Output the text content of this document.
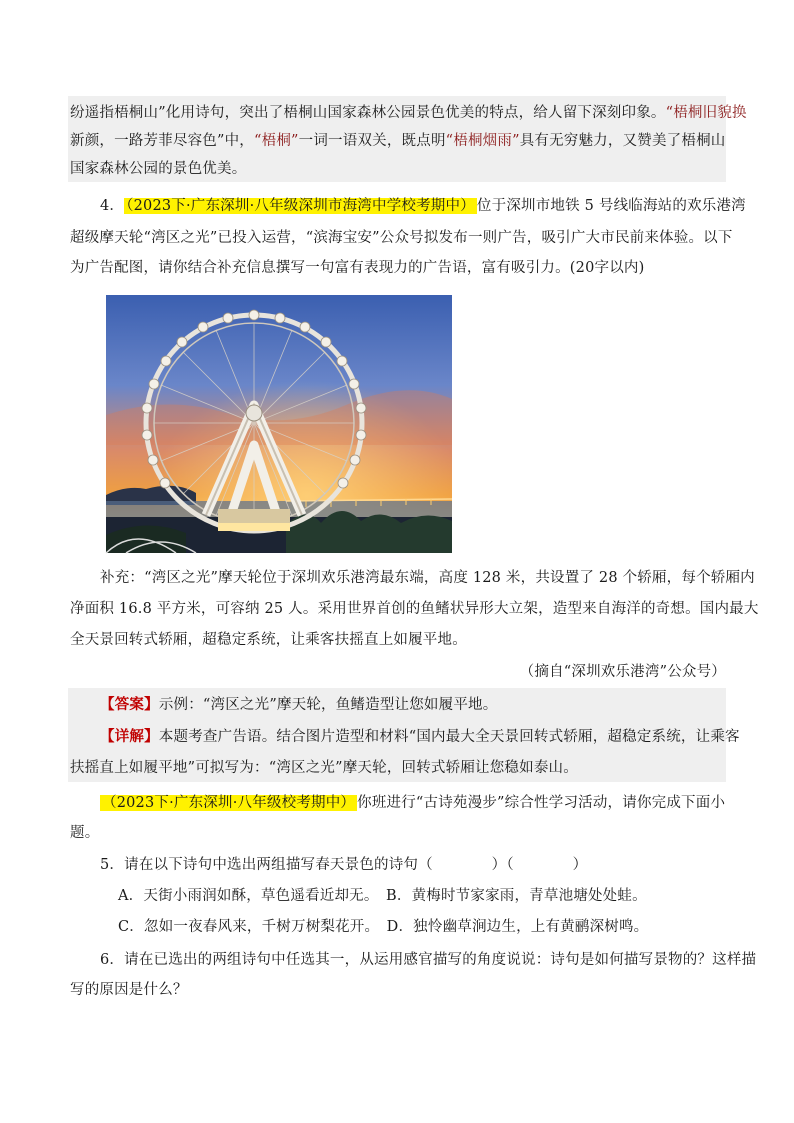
纷遥指梧桐山”化用诗句，突出了梧桐山国家森林公园景色优美的特点，给人留下深刻印象。“梧桐旧貌换
新颜，一路芳菲尽容色”中，“梧桐”一词一语双关，既点明“梧桐烟雨”具有无穷魅力，又赞美了梧桐山
国家森林公园的景色优美。
4． （2023下·广东深圳·八年级深圳市海湾中学校考期中） 位于深圳市地铁 5 号线临海站的欢乐港湾
超级摩天轮“湾区之光”已投入运营，“滨海宝安”公众号拟发布一则广告，吸引广大市民前来体验。以下
为广告配图，请你结合补充信息撰写一句富有表现力的广告语，富有吸引力。(20字以内)
补充：“湾区之光”摩天轮位于深圳欢乐港湾最东端，高度 128 米，共设置了 28 个轿厢，每个轿厢内
净面积 16.8 平方米，可容纳 25 人。采用世界首创的鱼鳍状异形大立架，造型来自海洋的奇想。国内最大
全天景回转式轿厢，超稳定系统，让乘客扶摇直上如履平地。
（摘自“深圳欢乐港湾”公众号）
【答案】示例：“湾区之光”摩天轮，鱼鳍造型让您如履平地。
【详解】本题考查广告语。结合图片造型和材料“国内最大全天景回转式轿厢，超稳定系统，让乘客
扶摇直上如履平地”可拟写为：“湾区之光”摩天轮，回转式轿厢让您稳如泰山。
（2023下·广东深圳·八年级校考期中） 你班进行“古诗苑漫步”综合性学习活动，请你完成下面小
题。
5．请在以下诗句中选出两组描写春天景色的诗句（　　　　）（　　　　）
A．天街小雨润如酥，草色遥看近却无。　B．黄梅时节家家雨，青草池塘处处蛙。
C．忽如一夜春风来，千树万树梨花开。　D．独怜幽草涧边生，上有黄鹂深树鸣。
6．请在已选出的两组诗句中任选其一，从运用感官描写的角度说说：诗句是如何描写景物的？这样描
写的原因是什么？
